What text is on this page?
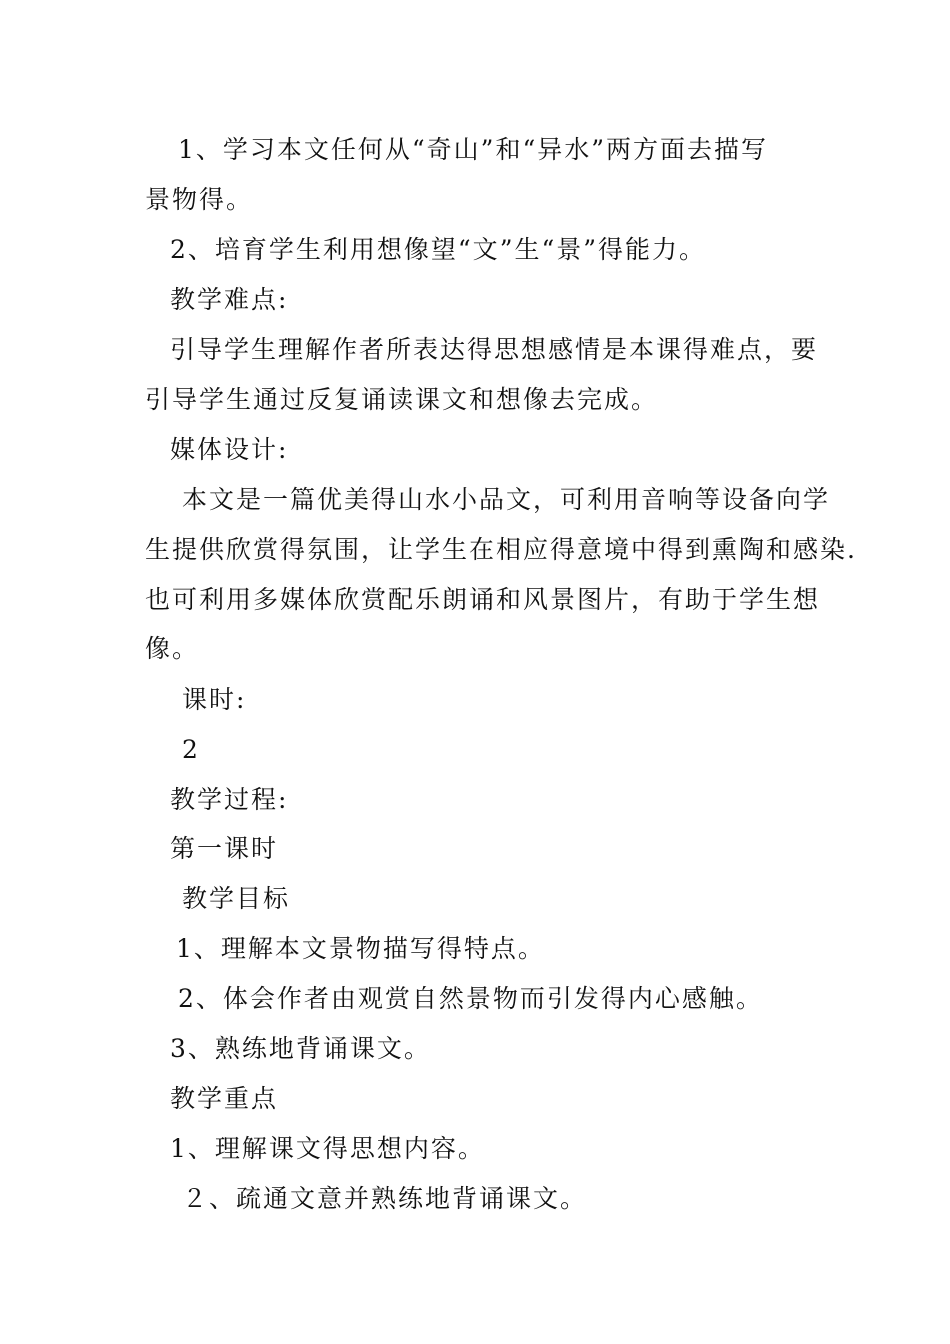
1、学习本文任何从“奇山”和“异水”两方面去描写
景物得。
2、培育学生利用想像望“文”生“景”得能力。
教学难点:
引导学生理解作者所表达得思想感情是本课得难点，要
引导学生通过反复诵读课文和想像去完成。
媒体设计:
本文是一篇优美得山水小品文，可利用音响等设备向学
生提供欣赏得氛围，让学生在相应得意境中得到熏陶和感染.
也可利用多媒体欣赏配乐朗诵和风景图片，有助于学生想
像。
课时:
2
教学过程:
第一课时
教学目标
1、理解本文景物描写得特点。
2、体会作者由观赏自然景物而引发得内心感触。
3、熟练地背诵课文。
教学重点
1、理解课文得思想内容。
２、疏通文意并熟练地背诵课文。
